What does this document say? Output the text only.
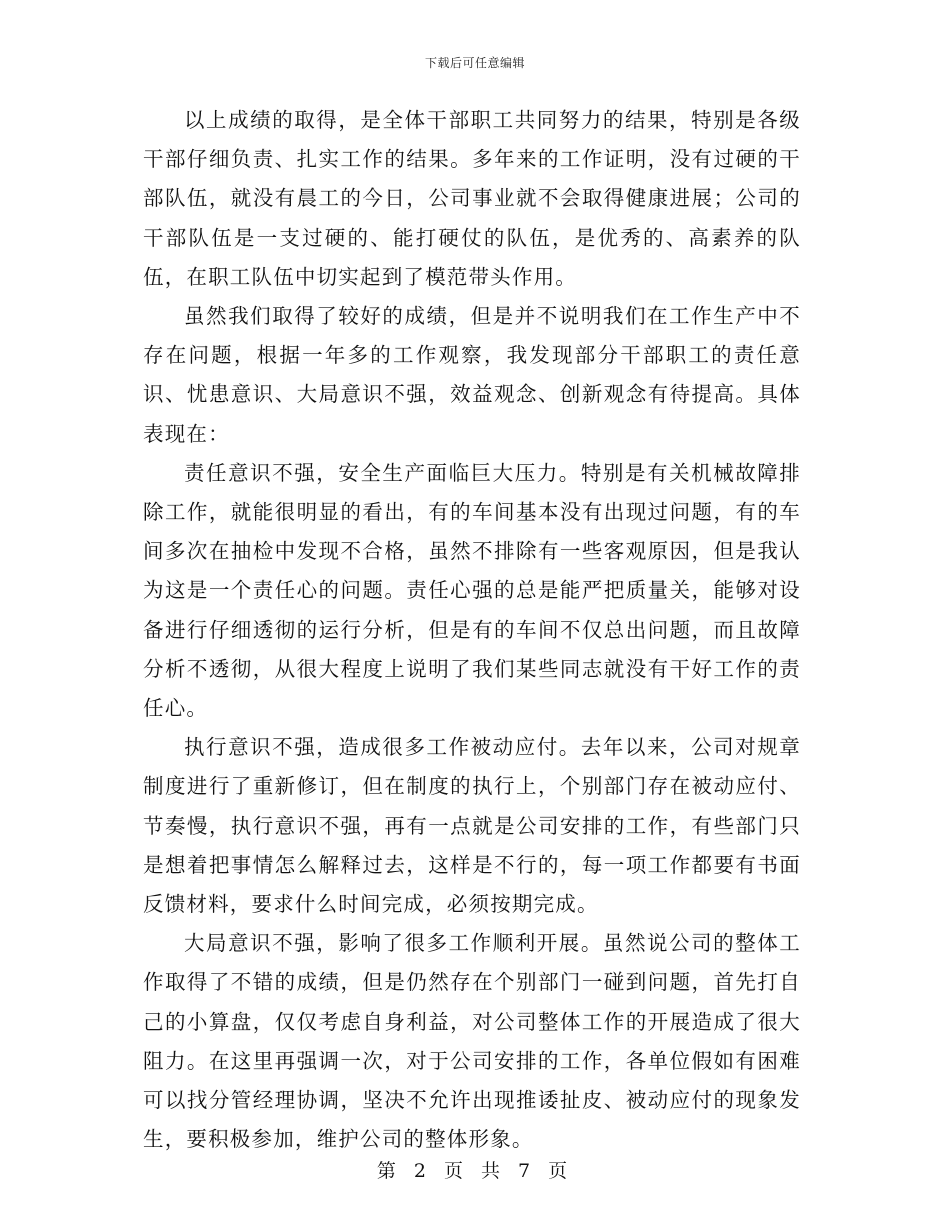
下载后可任意编辑

以上成绩的取得，是全体干部职工共同努力的结果，特别是各级干部仔细负责、扎实工作的结果。多年来的工作证明，没有过硬的干部队伍，就没有晨工的今日，公司事业就不会取得健康进展；公司的干部队伍是一支过硬的、能打硬仗的队伍，是优秀的、高素养的队伍，在职工队伍中切实起到了模范带头作用。

虽然我们取得了较好的成绩，但是并不说明我们在工作生产中不存在问题，根据一年多的工作观察，我发现部分干部职工的责任意识、忧患意识、大局意识不强，效益观念、创新观念有待提高。具体表现在：

责任意识不强，安全生产面临巨大压力。特别是有关机械故障排除工作，就能很明显的看出，有的车间基本没有出现过问题，有的车间多次在抽检中发现不合格，虽然不排除有一些客观原因，但是我认为这是一个责任心的问题。责任心强的总是能严把质量关，能够对设备进行仔细透彻的运行分析，但是有的车间不仅总出问题，而且故障分析不透彻，从很大程度上说明了我们某些同志就没有干好工作的责任心。

执行意识不强，造成很多工作被动应付。去年以来，公司对规章制度进行了重新修订，但在制度的执行上，个别部门存在被动应付、节奏慢，执行意识不强，再有一点就是公司安排的工作，有些部门只是想着把事情怎么解释过去，这样是不行的，每一项工作都要有书面反馈材料，要求什么时间完成，必须按期完成。

大局意识不强，影响了很多工作顺利开展。虽然说公司的整体工作取得了不错的成绩，但是仍然存在个别部门一碰到问题，首先打自己的小算盘，仅仅考虑自身利益，对公司整体工作的开展造成了很大阻力。在这里再强调一次，对于公司安排的工作，各单位假如有困难可以找分管经理协调，坚决不允许出现推诿扯皮、被动应付的现象发生，要积极参加，维护公司的整体形象。

第 2 页 共 7 页
